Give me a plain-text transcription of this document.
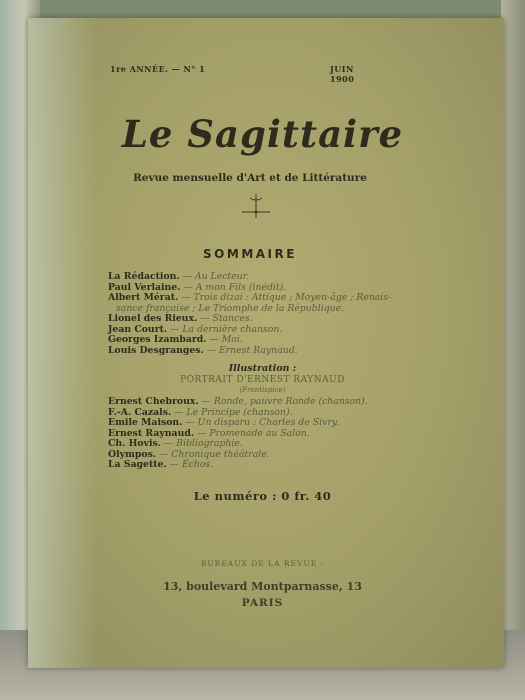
1re ANNÉE. — N° 1	JUIN 1900
Le Sagittaire
Revue mensuelle d'Art et de Littérature
SOMMAIRE
La Rédaction. — Au Lecteur.
Paul Verlaine. — A mon Fils (inédit).
Albert Mérat. — Trois dizai : Attique ; Moyen-âge ; Renais-
sance française ; Le Triomphe de la République.
Lionel des Rieux. — Stances.
Jean Court. — La dernière chanson.
Georges Izambard. — Moi.
Louis Desgranges. — Ernest Raynaud.
Illustration :
PORTRAIT D'ERNEST RAYNAUD
(Frontispice)
Ernest Chebroux. — Ronde, pauvre Ronde (chanson).
F.-A. Cazals. — Le Principe (chanson).
Emile Maison. — Un disparu : Charles de Sivry.
Ernest Raynaud. — Promenade au Salon.
Ch. Hovis. — Bibliographie.
Olympos. — Chronique théâtrale.
La Sagette. — Échos.
Le numéro : 0 fr. 40
BUREAUX DE LA REVUE :
13, boulevard Montparnasse, 13
PARIS
